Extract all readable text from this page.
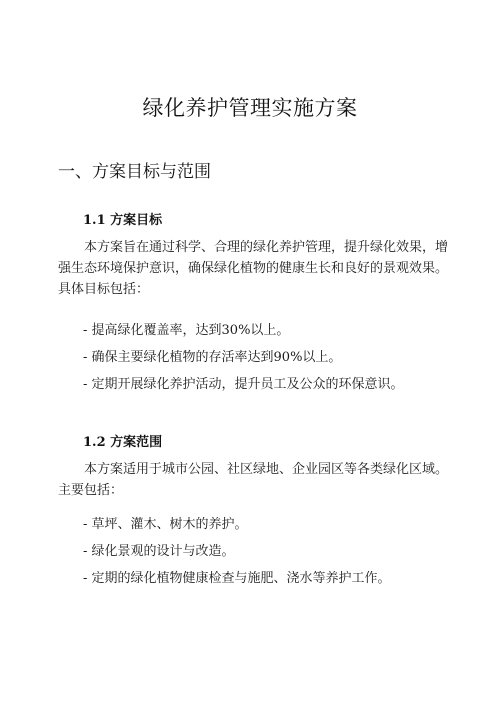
绿化养护管理实施方案
一、方案目标与范围
1.1 方案目标

本方案旨在通过科学、合理的绿化养护管理，提升绿化效果，增强生态环境保护意识，确保绿化植物的健康生长和良好的景观效果。具体目标包括：

- 提高绿化覆盖率，达到30%以上。

- 确保主要绿化植物的存活率达到90%以上。

- 定期开展绿化养护活动，提升员工及公众的环保意识。

1.2 方案范围

本方案适用于城市公园、社区绿地、企业园区等各类绿化区域。主要包括：

- 草坪、灌木、树木的养护。

- 绿化景观的设计与改造。

- 定期的绿化植物健康检查与施肥、浇水等养护工作。
